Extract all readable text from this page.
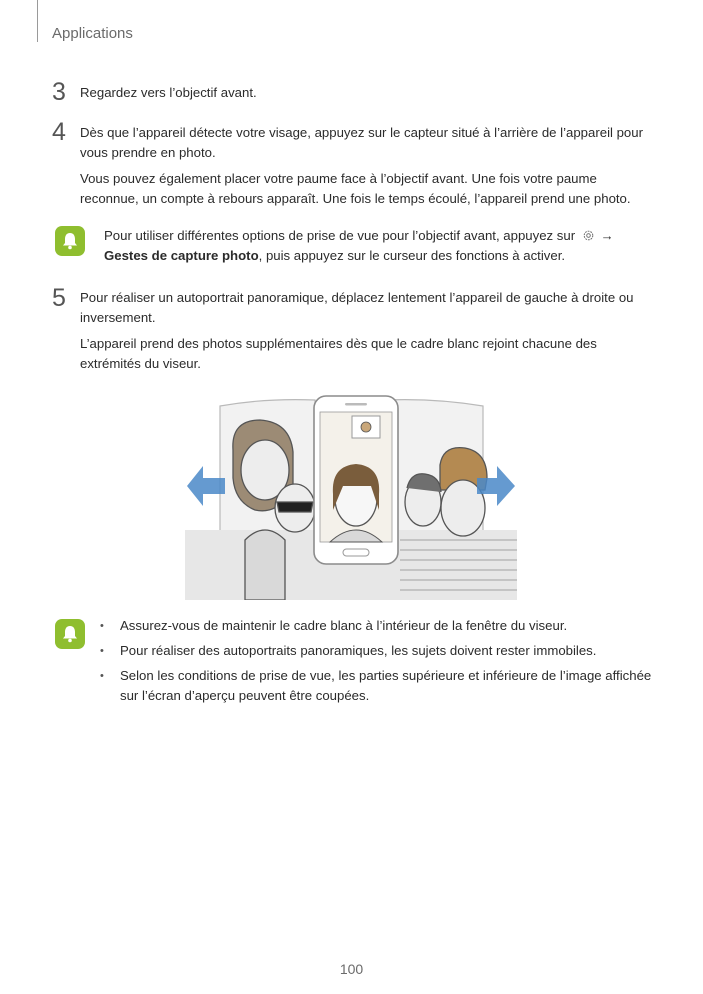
Applications
3 Regardez vers l’objectif avant.
4 Dès que l’appareil détecte votre visage, appuyez sur le capteur situé à l’arrière de l’appareil pour
vous prendre en photo.
Vous pouvez également placer votre paume face à l’objectif avant. Une fois votre paume
reconnue, un compte à rebours apparaît. Une fois le temps écoulé, l’appareil prend une photo.
Pour utiliser différentes options de prise de vue pour l’objectif avant, appuyez sur →
Gestes de capture photo, puis appuyez sur le curseur des fonctions à activer.
5 Pour réaliser un autoportrait panoramique, déplacez lentement l’appareil de gauche à droite ou
inversement.
L’appareil prend des photos supplémentaires dès que le cadre blanc rejoint chacune des
extrémités du viseur.
• Assurez-vous de maintenir le cadre blanc à l’intérieur de la fenêtre du viseur.
• Pour réaliser des autoportraits panoramiques, les sujets doivent rester immobiles.
• Selon les conditions de prise de vue, les parties supérieure et inférieure de l’image affichée sur l’écran d’aperçu peuvent être coupées.
100
